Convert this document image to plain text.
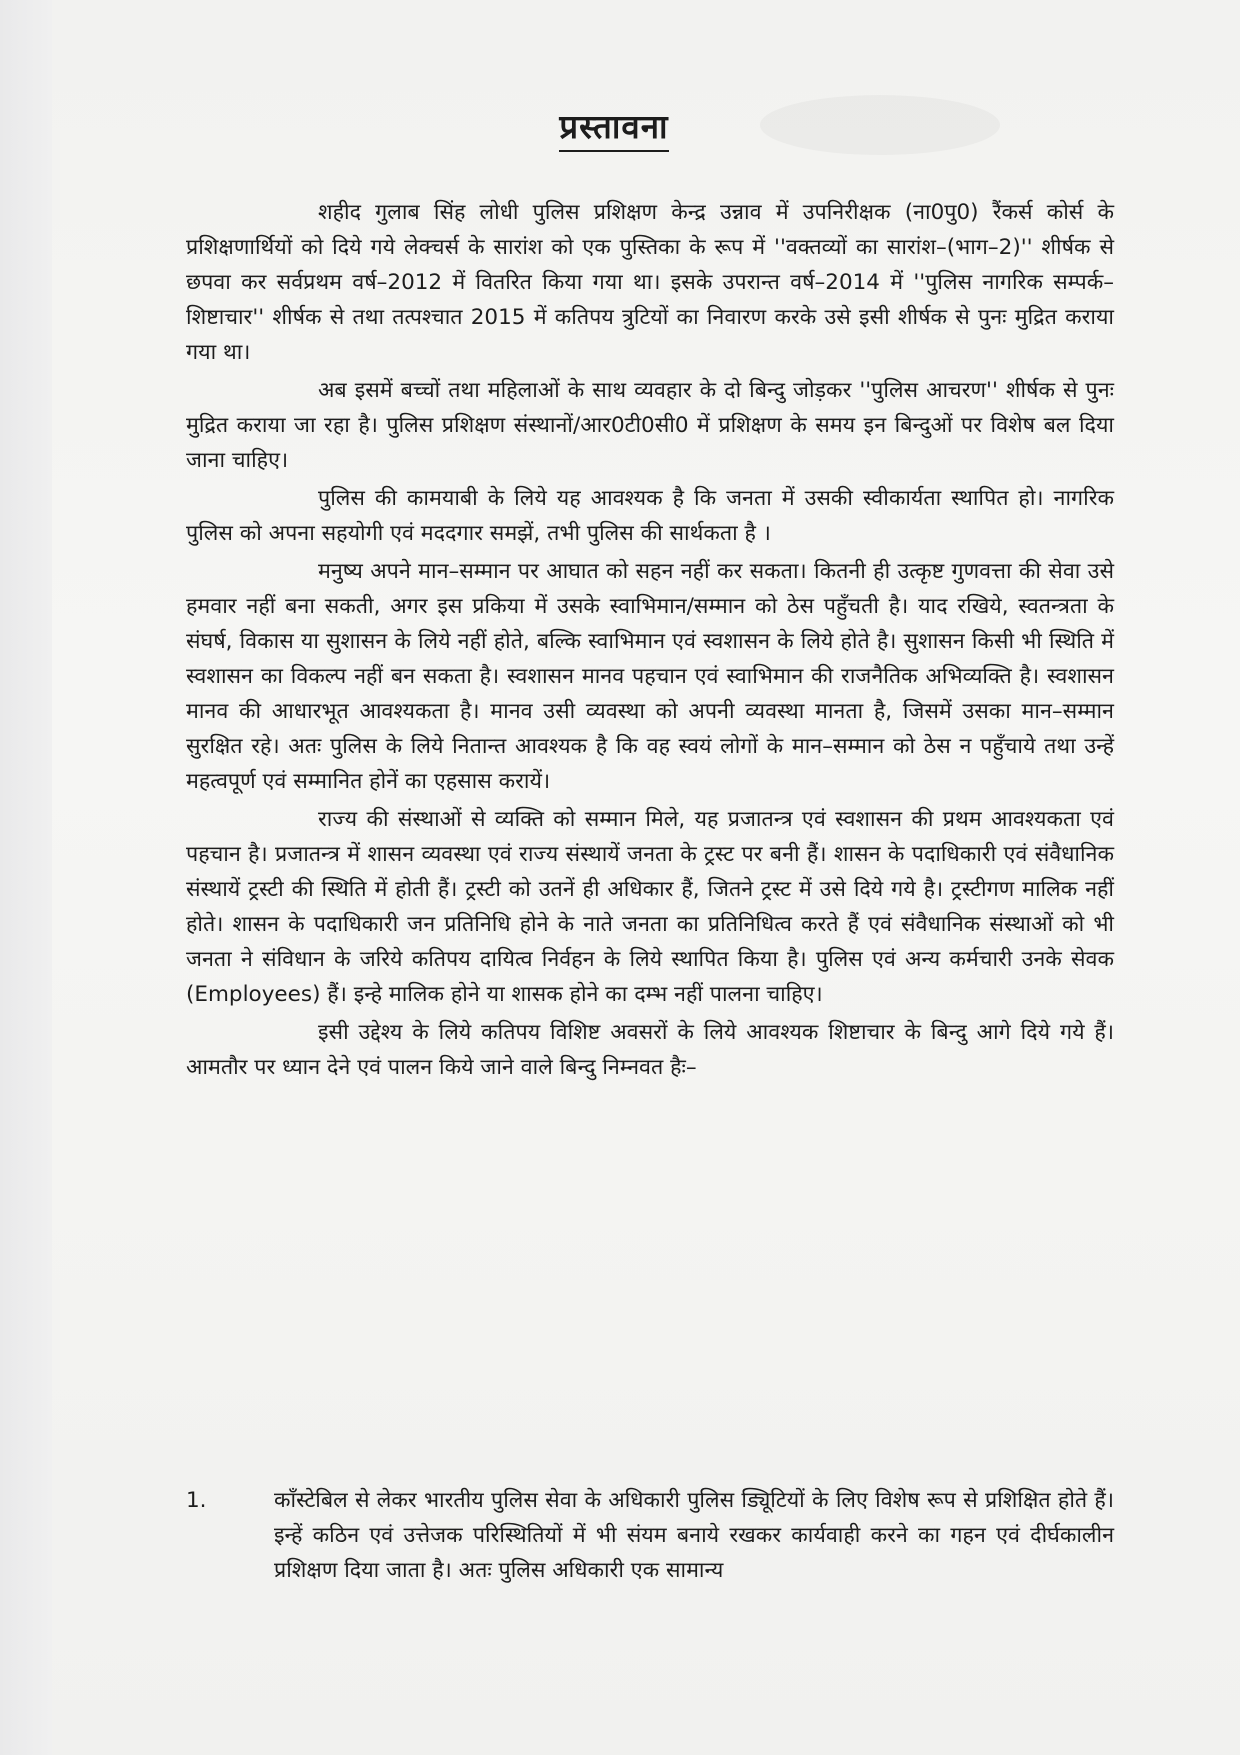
प्रस्तावना

शहीद गुलाब सिंह लोधी पुलिस प्रशिक्षण केन्द्र उन्नाव में उपनिरीक्षक (ना0पु0) रैंकर्स कोर्स के प्रशिक्षणार्थियों को दिये गये लेक्चर्स के सारांश को एक पुस्तिका के रूप में ''वक्तव्यों का सारांश–(भाग–2)'' शीर्षक से छपवा कर सर्वप्रथम वर्ष–2012 में वितरित किया गया था। इसके उपरान्त वर्ष–2014 में ''पुलिस नागरिक सम्पर्क–शिष्टाचार'' शीर्षक से तथा तत्पश्चात 2015 में कतिपय त्रुटियों का निवारण करके उसे इसी शीर्षक से पुनः मुद्रित कराया गया था।

अब इसमें बच्चों तथा महिलाओं के साथ व्यवहार के दो बिन्दु जोड़कर ''पुलिस आचरण'' शीर्षक से पुनः मुद्रित कराया जा रहा है। पुलिस प्रशिक्षण संस्थानों/आर0टी0सी0 में प्रशिक्षण के समय इन बिन्दुओं पर विशेष बल दिया जाना चाहिए।

पुलिस की कामयाबी के लिये यह आवश्यक है कि जनता में उसकी स्वीकार्यता स्थापित हो। नागरिक पुलिस को अपना सहयोगी एवं मददगार समझें, तभी पुलिस की सार्थकता है ।

मनुष्य अपने मान–सम्मान पर आघात को सहन नहीं कर सकता। कितनी ही उत्कृष्ट गुणवत्ता की सेवा उसे हमवार नहीं बना सकती, अगर इस प्रकिया में उसके स्वाभिमान/सम्मान को ठेस पहुँचती है। याद रखिये, स्वतन्त्रता के संघर्ष, विकास या सुशासन के लिये नहीं होते, बल्कि स्वाभिमान एवं स्वशासन के लिये होते है। सुशासन किसी भी स्थिति में स्वशासन का विकल्प नहीं बन सकता है। स्वशासन मानव पहचान एवं स्वाभिमान की राजनैतिक अभिव्यक्ति है। स्वशासन मानव की आधारभूत आवश्यकता है। मानव उसी व्यवस्था को अपनी व्यवस्था मानता है, जिसमें उसका मान–सम्मान सुरक्षित रहे। अतः पुलिस के लिये नितान्त आवश्यक है कि वह स्वयं लोगों के मान–सम्मान को ठेस न पहुँचाये तथा उन्हें महत्वपूर्ण एवं सम्मानित होनें का एहसास करायें।

राज्य की संस्थाओं से व्यक्ति को सम्मान मिले, यह प्रजातन्त्र एवं स्वशासन की प्रथम आवश्यकता एवं पहचान है। प्रजातन्त्र में शासन व्यवस्था एवं राज्य संस्थायें जनता के ट्रस्ट पर बनी हैं। शासन के पदाधिकारी एवं संवैधानिक संस्थायें ट्रस्टी की स्थिति में होती हैं। ट्रस्टी को उतनें ही अधिकार हैं, जितने ट्रस्ट में उसे दिये गये है। ट्रस्टीगण मालिक नहीं होते। शासन के पदाधिकारी जन प्रतिनिधि होने के नाते जनता का प्रतिनिधित्व करते हैं एवं संवैधानिक संस्थाओं को भी जनता ने संविधान के जरिये कतिपय दायित्व निर्वहन के लिये स्थापित किया है। पुलिस एवं अन्य कर्मचारी उनके सेवक (Employees) हैं। इन्हे मालिक होने या शासक होने का दम्भ नहीं पालना चाहिए।

इसी उद्देश्य के लिये कतिपय विशिष्ट अवसरों के लिये आवश्यक शिष्टाचार के बिन्दु आगे दिये गये हैं। आमतौर पर ध्यान देने एवं पालन किये जाने वाले बिन्दु निम्नवत हैः–

1.	कॉंस्टेबिल से लेकर भारतीय पुलिस सेवा के अधिकारी पुलिस ड्यिूटियों के लिए विशेष रूप से प्रशिक्षित होते हैं। इन्हें कठिन एवं उत्तेजक परिस्थितियों में भी संयम बनाये रखकर कार्यवाही करने का गहन एवं दीर्घकालीन प्रशिक्षण दिया जाता है। अतः पुलिस अधिकारी एक सामान्य
